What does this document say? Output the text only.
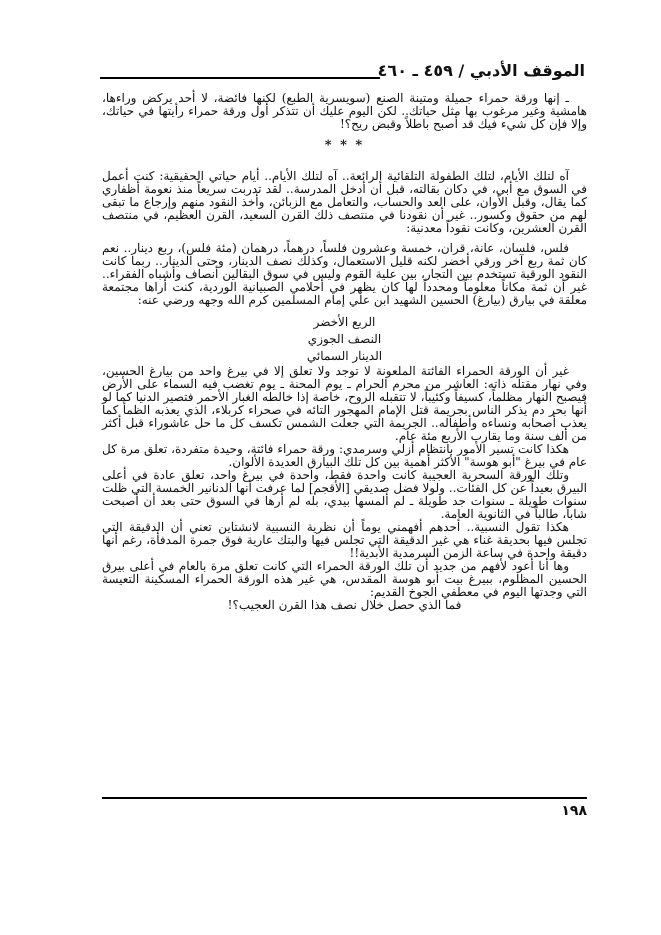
الموقف الأدبي / ٤٥٩ ـ ٤٦٠

ـ إنها ورقة حمراء جميلة ومتينة الصنع (سويسرية الطبع) لكنها فائضة، لا أحد يركض وراءها، هامشية وغير مرغوب بها مثل حياتك.. لكن اليوم عليك أن تتذكر أول ورقة حمراء رأيتها في حياتك، وإلا فإن كل شيء فيك قد أصبح باطلاً وقبض ريح؟!

* * *

آه لتلك الأيام، لتلك الطفولة التلقائية الرائعة.. آه لتلك الأيام.. أيام حياتي الحقيقية: كنت أعمل في السوق مع أبي، في دكان بقالته، قبل أن أدخل المدرسة.. لقد تدربت سريعاً منذ نعومة أظفاري كما يقال، وقبل الأوان، على العد والحساب، والتعامل مع الزبائن، وأخذ النقود منهم وإرجاع ما تبقى لهم من حقوق وكسور.. غير أن نقودنا في منتصف ذلك القرن السعيد، القرن العظيم، في منتصف القرن العشرين، وكانت نقوداً معدنية:

فلس، فلسان، عانة، قران، خمسة وعشرون فلساً، درهماً، درهمان (مئة فلس)، ربع دينار.. نعم كان ثمة ربع آخر ورقي أخضر لكنه قليل الاستعمال، وكذلك نصف الدينار، وحتى الدينار.. ربما كانت النقود الورقية تستخدم بين التجار، بين علية القوم وليس في سوق البقالين أنصاف وأشباه الفقراء.. غير أن ثمة مكاناً معلوماً ومحدداً لها كان يظهر في أحلامي الصبيانية الوردية، كنت أراها مجتمعة معلقة في بيارق (بيارغ) الحسين الشهيد ابن علي إمام المسلمين كرم الله وجهه ورضي عنه:

الربع الأخضر

النصف الجوزي

الدينار السمائي

غير أن الورقة الحمراء الفائتة الملعونة لا توجد ولا تعلق إلا في بيرغ واحد من بيارغ الحسين، وفي نهار مقتله ذاته: العاشر من محرم الحرام ـ يوم المحنة ـ يوم تغضب فيه السماء على الأرض فيصبح النهار مظلماً، كسيفاً وكئيباً، لا تتقبله الروح، خاصة إذا خالطه الغبار الأحمر فتصير الدنيا كما لو أنها بحر دم يذكر الناس بجريمة قتل الإمام المهجور التائه في صحراء كربلاء، الذي يعذبه الظمأ كما يعذب أصحابه ونساءه وأطفاله.. الجريمة التي جعلت الشمس تكسف كل ما حل عاشوراء قبل أكثر من ألف سنة وما يقارب الأربع مئة عام.

هكذا كانت تسير الأمور بانتظام أزلي وسرمدي: ورقة حمراء فائتة، وحيدة متفردة، تعلق مرة كل عام في بيرغ "أبو هوسة" الأكثر أهمية بين كل تلك البيارق العديدة الألوان.

وتلك الورقة السحرية العجيبة كانت واحدة فقط، واحدة في بيرغ واحد، تعلق عادة في أعلى البيرق بعيداً عن كل الفئات.. ولولا فضل صديقي [الأقجم] لما عرفت أنها الدنانير الخمسة التي ظلت سنوات طويلة ـ سنوات جد طويلة ـ لم ألمسها بيدي، بله لم أرها في السوق حتى بعد أن أصبحت شاباً، طالباً في الثانوية العامة.

هكذا تقول النسبية.. أحدهم أفهمني يوماً أن نظرية النسبية لانشتاين تعني أن الدقيقة التي تجلس فيها بحديقة غناء هي غير الدقيقة التي تجلس فيها والبتك عارية فوق جمرة المدفأة، رغم أنها دقيقة واحدة في ساعة الزمن السرمدية الأبدية!!

وها أنا أعود لأفهم من جديد أن تلك الورقة الحمراء التي كانت تعلق مرة بالعام في أعلى بيرق الحسين المظلوم، ببيرغ بيت أبو هوسة المقدس، هي غير هذه الورقة الحمراء المسكينة التعيسة التي وجدتها اليوم في معطفي الجوخ القديم:

فما الذي حصل خلال نصف هذا القرن العجيب؟!

١٩٨
